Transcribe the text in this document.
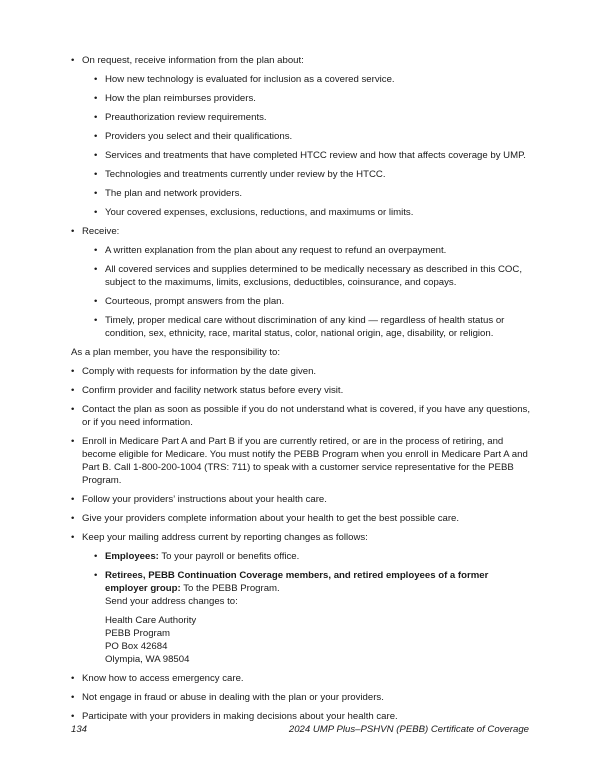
• On request, receive information from the plan about:
• How new technology is evaluated for inclusion as a covered service.
• How the plan reimburses providers.
• Preauthorization review requirements.
• Providers you select and their qualifications.
• Services and treatments that have completed HTCC review and how that affects coverage by UMP.
• Technologies and treatments currently under review by the HTCC.
• The plan and network providers.
• Your covered expenses, exclusions, reductions, and maximums or limits.
• Receive:
• A written explanation from the plan about any request to refund an overpayment.
• All covered services and supplies determined to be medically necessary as described in this COC, subject to the maximums, limits, exclusions, deductibles, coinsurance, and copays.
• Courteous, prompt answers from the plan.
• Timely, proper medical care without discrimination of any kind — regardless of health status or condition, sex, ethnicity, race, marital status, color, national origin, age, disability, or religion.

As a plan member, you have the responsibility to:

• Comply with requests for information by the date given.
• Confirm provider and facility network status before every visit.
• Contact the plan as soon as possible if you do not understand what is covered, if you have any questions, or if you need information.
• Enroll in Medicare Part A and Part B if you are currently retired, or are in the process of retiring, and become eligible for Medicare. You must notify the PEBB Program when you enroll in Medicare Part A and Part B. Call 1-800-200-1004 (TRS: 711) to speak with a customer service representative for the PEBB Program.
• Follow your providers’ instructions about your health care.
• Give your providers complete information about your health to get the best possible care.
• Keep your mailing address current by reporting changes as follows:
• Employees: To your payroll or benefits office.
• Retirees, PEBB Continuation Coverage members, and retired employees of a former employer group: To the PEBB Program.
Send your address changes to:
Health Care Authority
PEBB Program
PO Box 42684
Olympia, WA 98504
• Know how to access emergency care.
• Not engage in fraud or abuse in dealing with the plan or your providers.
• Participate with your providers in making decisions about your health care.
134	2024 UMP Plus–PSHVN (PEBB) Certificate of Coverage
